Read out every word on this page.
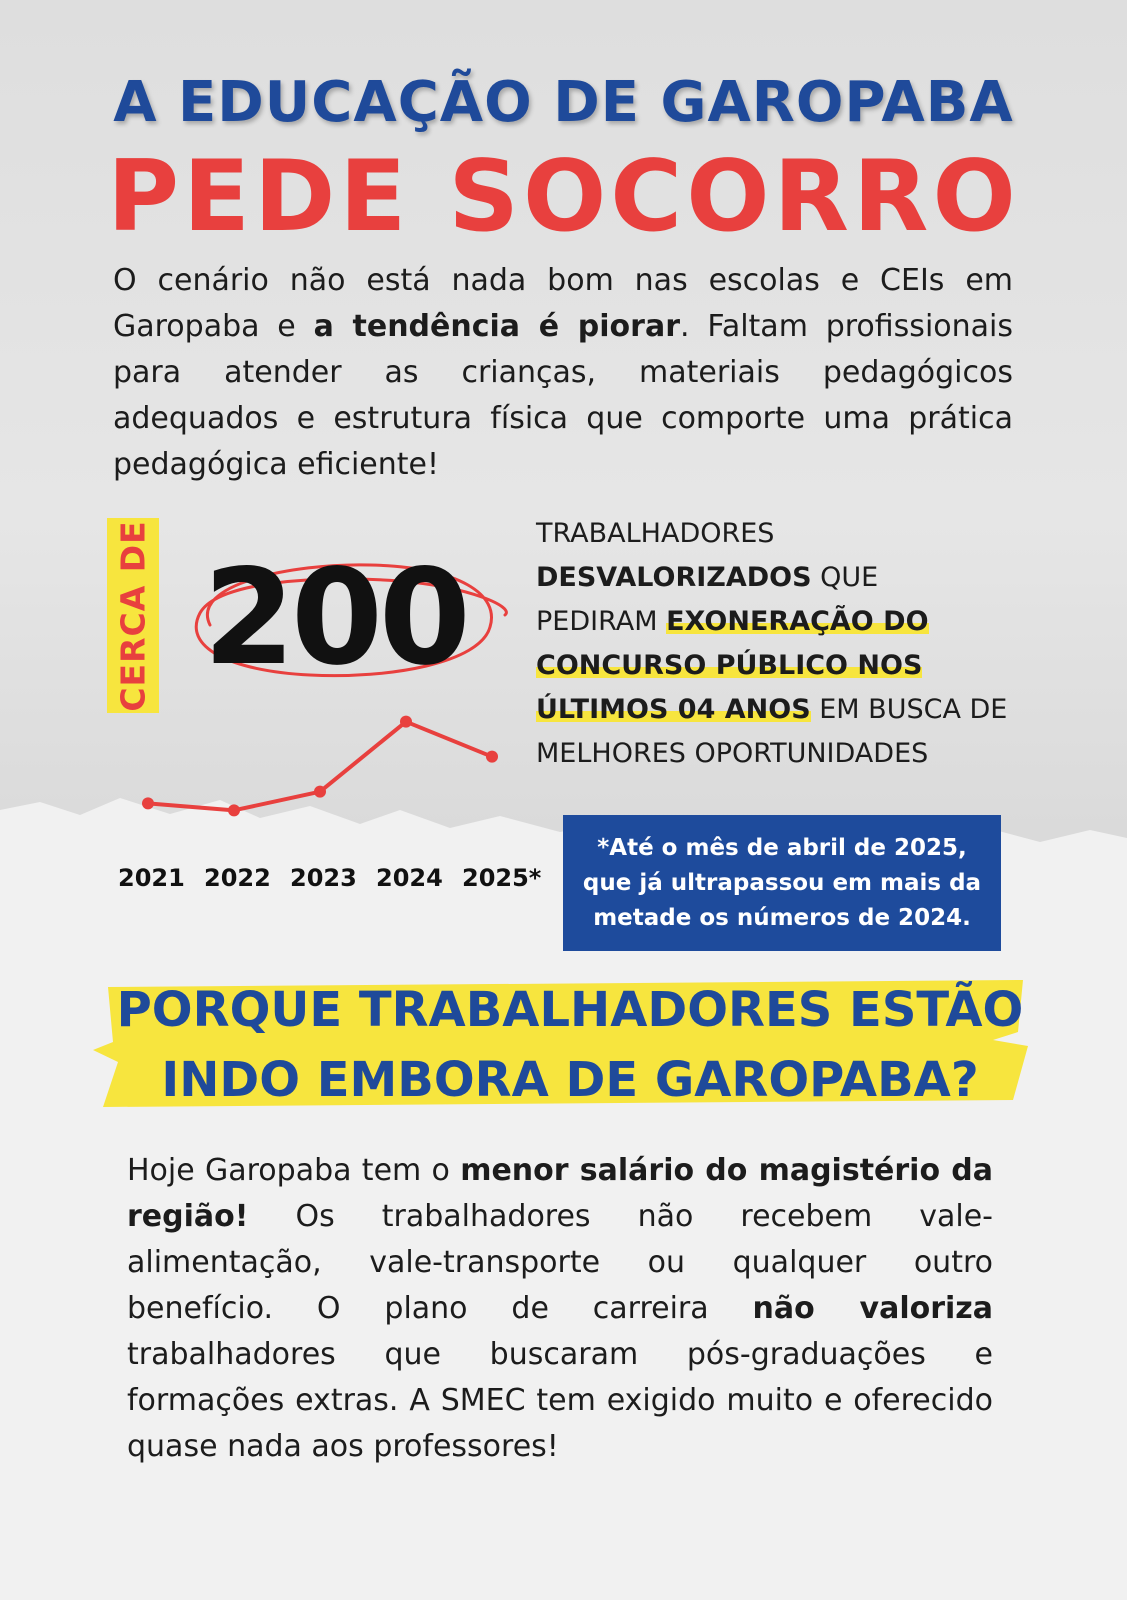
A EDUCAÇÃO DE GAROPABA
PEDE SOCORRO

O cenário não está nada bom nas escolas e CEIs em Garopaba e a tendência é piorar. Faltam profissionais para atender as crianças, materiais pedagógicos adequados e estrutura física que comporte uma prática pedagógica eficiente!

CERCA DE 200

TRABALHADORES
DESVALORIZADOS QUE
PEDIRAM EXONERAÇÃO DO CONCURSO PÚBLICO NOS ÚLTIMOS 04 ANOS EM BUSCA DE MELHORES OPORTUNIDADES

2021 2022 2023 2024 2025*
*Até o mês de abril de 2025, que já ultrapassou em mais da metade os números de 2024.
PORQUE TRABALHADORES ESTÃO
INDO EMBORA DE GAROPABA?

Hoje Garopaba tem o menor salário do magistério da região! Os trabalhadores não recebem vale-alimentação, vale-transporte ou qualquer outro benefício. O plano de carreira não valoriza trabalhadores que buscaram pós-graduações e formações extras. A SMEC tem exigido muito e oferecido quase nada aos professores!
